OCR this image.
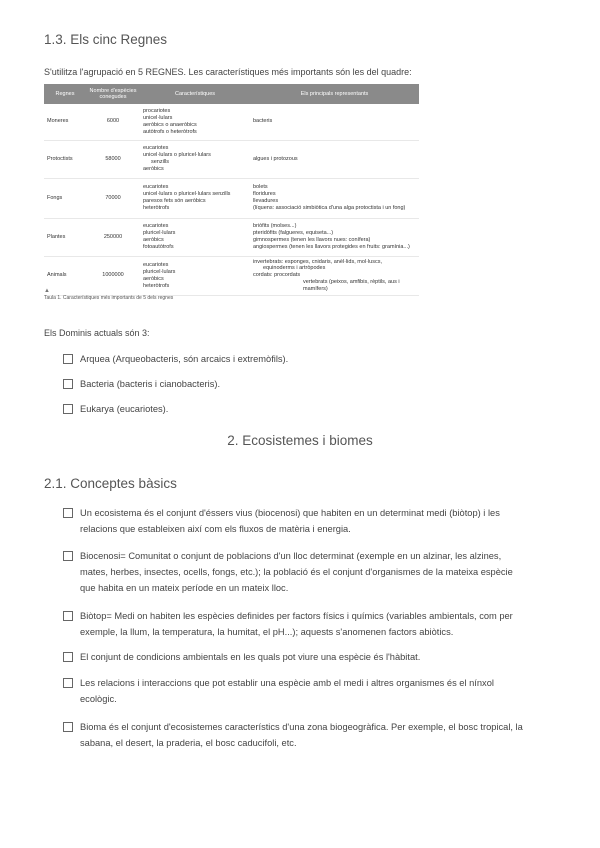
1.3. Els cinc Regnes
S'utilitza l'agrupació en 5 REGNES. Les característiques més importants són les del quadre:
Regnes	Nombre d'espècies conegudes	Característiques	Els principals representants
Moneres	6000	procariotes
unicel·lulars
aeròbics o anaeròbics
autòtrofs o heteròtrofs	bacteris

Protoctists	58000	eucariotes
unicel·lulars o pluricel·lulars
senzills
aeròbics	algues i protozous

Fongs	70000	eucariotes
unicel·lulars o pluricel·lulars senzills
paresos fets són aeròbics
heteròtrofs	bolets
floridures
llevadures
(líquens: associació simbiòtica d'una alga protoctista i un fong)

Plantes	250000	eucariotes
pluricel·lulars
aeròbics
fotoautòtrofs	briòfits (molses...)
pteridòfits (falgueres, equiseta...)
gimnospermes (tenen les llavors nues: conífera)
angiospermes (tenen les llavors protegides en fruits: gramínia...)

Animals	1000000	eucariotes
pluricel·lulars
aeròbics
heteròtrofs	invertebrats: esponges, cnidaris, anèl·lids, mol·luscs,
equinoderms i artròpodes
cordats: procordats
vertebrats (peixos, amfibis, rèptils, aus i mamífers)
▲
Taula 1. Característiques més importants de 5 dels regnes
Els Dominis actuals són 3:
Arquea (Arqueobacteris, són arcaics i extremòfils).
Bacteria (bacteris i cianobacteris).
Eukarya (eucariotes).
2. Ecosistemes i biomes
2.1. Conceptes bàsics
Un ecosistema és el conjunt d'éssers vius (biocenosi) que habiten en un determinat medi (biòtop) i les
relacions que estableixen així com els fluxos de matèria i energia.
Biocenosi= Comunitat o conjunt de poblacions d'un lloc determinat (exemple en un alzinar, les alzines,
mates, herbes, insectes, ocells, fongs, etc.); la població és el conjunt d'organismes de la mateixa espècie
que habita en un mateix període en un mateix lloc.
Biòtop= Medi on habiten les espècies definides per factors físics i químics (variables ambientals, com per
exemple, la llum, la temperatura, la humitat, el pH...); aquests s'anomenen factors abiòtics.
El conjunt de condicions ambientals en les quals pot viure una espècie és l'hàbitat.
Les relacions i interaccions que pot establir una espècie amb el medi i altres organismes és el nínxol
ecològic.
Bioma és el conjunt d'ecosistemes característics d'una zona biogeogràfica. Per exemple, el bosc tropical, la
sabana, el desert, la praderia, el bosc caducifoli, etc.
